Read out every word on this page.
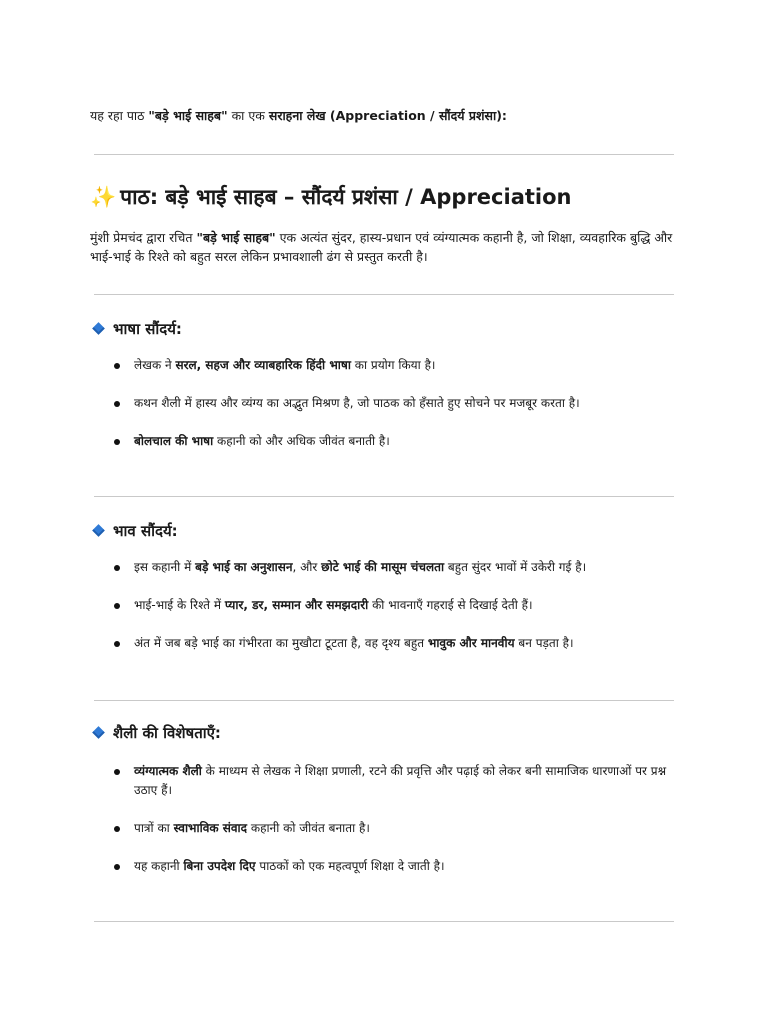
यह रहा पाठ "बड़े भाई साहब" का एक सराहना लेख (Appreciation / सौंदर्य प्रशंसा):
✨ पाठ: बड़े भाई साहब – सौंदर्य प्रशंसा / Appreciation
मुंशी प्रेमचंद द्वारा रचित "बड़े भाई साहब" एक अत्यंत सुंदर, हास्य-प्रधान एवं व्यंग्यात्मक कहानी है, जो शिक्षा, व्यवहारिक बुद्धि और भाई-भाई के रिश्ते को बहुत सरल लेकिन प्रभावशाली ढंग से प्रस्तुत करती है।
भाषा सौंदर्य:
लेखक ने सरल, सहज और व्याबहारिक हिंदी भाषा का प्रयोग किया है।
कथन शैली में हास्य और व्यंग्य का अद्भुत मिश्रण है, जो पाठक को हँसाते हुए सोचने पर मजबूर करता है।
बोलचाल की भाषा कहानी को और अधिक जीवंत बनाती है।
भाव सौंदर्य:
इस कहानी में बड़े भाई का अनुशासन, और छोटे भाई की मासूम चंचलता बहुत सुंदर भावों में उकेरी गई है।
भाई-भाई के रिश्ते में प्यार, डर, सम्मान और समझदारी की भावनाएँ गहराई से दिखाई देती हैं।
अंत में जब बड़े भाई का गंभीरता का मुखौटा टूटता है, वह दृश्य बहुत भावुक और मानवीय बन पड़ता है।
शैली की विशेषताएँ:
व्यंग्यात्मक शैली के माध्यम से लेखक ने शिक्षा प्रणाली, रटने की प्रवृत्ति और पढ़ाई को लेकर बनी सामाजिक धारणाओं पर प्रश्न उठाए हैं।
पात्रों का स्वाभाविक संवाद कहानी को जीवंत बनाता है।
यह कहानी बिना उपदेश दिए पाठकों को एक महत्वपूर्ण शिक्षा दे जाती है।
